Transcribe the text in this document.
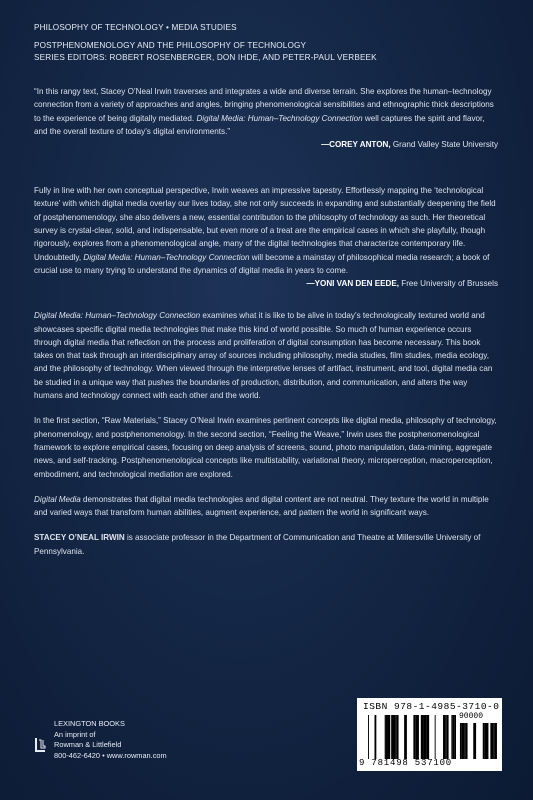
PHILOSOPHY OF TECHNOLOGY • MEDIA STUDIES
POSTPHENOMENOLOGY AND THE PHILOSOPHY OF TECHNOLOGY
SERIES EDITORS: ROBERT ROSENBERGER, DON IHDE, AND PETER-PAUL VERBEEK

“In this rangy text, Stacey O’Neal Irwin traverses and integrates a wide and diverse terrain. She explores the human–technology connection from a variety of approaches and angles, bringing phenomenological sensibilities and ethnographic thick descriptions to the experience of being digitally mediated. Digital Media: Human–Technology Connection well captures the spirit and flavor, and the overall texture of today’s digital environments.”

—COREY ANTON, Grand Valley State University

Fully in line with her own conceptual perspective, Irwin weaves an impressive tapestry. Effortlessly mapping the ‘technological texture’ with which digital media overlay our lives today, she not only succeeds in expanding and substantially deepening the field of postphenomenology, she also delivers a new, essential contribution to the philosophy of technology as such. Her theoretical survey is crystal-clear, solid, and indispensable, but even more of a treat are the empirical cases in which she playfully, though rigorously, explores from a phenomenological angle, many of the digital technologies that characterize contemporary life. Undoubtedly, Digital Media: Human–Technology Connection will become a mainstay of philosophical media research; a book of crucial use to many trying to understand the dynamics of digital media in years to come.

—YONI VAN DEN EEDE, Free University of Brussels

Digital Media: Human–Technology Connection examines what it is like to be alive in today’s technologically textured world and showcases specific digital media technologies that make this kind of world possible. So much of human experience occurs through digital media that reflection on the process and proliferation of digital consumption has become necessary. This book takes on that task through an interdisciplinary array of sources including philosophy, media studies, film studies, media ecology, and the philosophy of technology. When viewed through the interpretive lenses of artifact, instrument, and tool, digital media can be studied in a unique way that pushes the boundaries of production, distribution, and communication, and alters the way humans and technology connect with each other and the world.

In the first section, “Raw Materials,” Stacey O’Neal Irwin examines pertinent concepts like digital media, philosophy of technology, phenomenology, and postphenomenology. In the second section, “Feeling the Weave,” Irwin uses the postphenomenological framework to explore empirical cases, focusing on deep analysis of screens, sound, photo manipulation, data-mining, aggregate news, and self-tracking. Postphenomenological concepts like multistability, variational theory, microperception, macroperception, embodiment, and technological mediation are explored.

Digital Media demonstrates that digital media technologies and digital content are not neutral. They texture the world in multiple and varied ways that transform human abilities, augment experience, and pattern the world in significant ways.

STACEY O’NEAL IRWIN is associate professor in the Department of Communication and Theatre at Millersville University of Pennsylvania.

LEXINGTON BOOKS
An imprint of
Rowman & Littlefield
800-462-6420 • www.rowman.com
ISBN 978-1-4985-3710-0
9 781498 537100
90000
